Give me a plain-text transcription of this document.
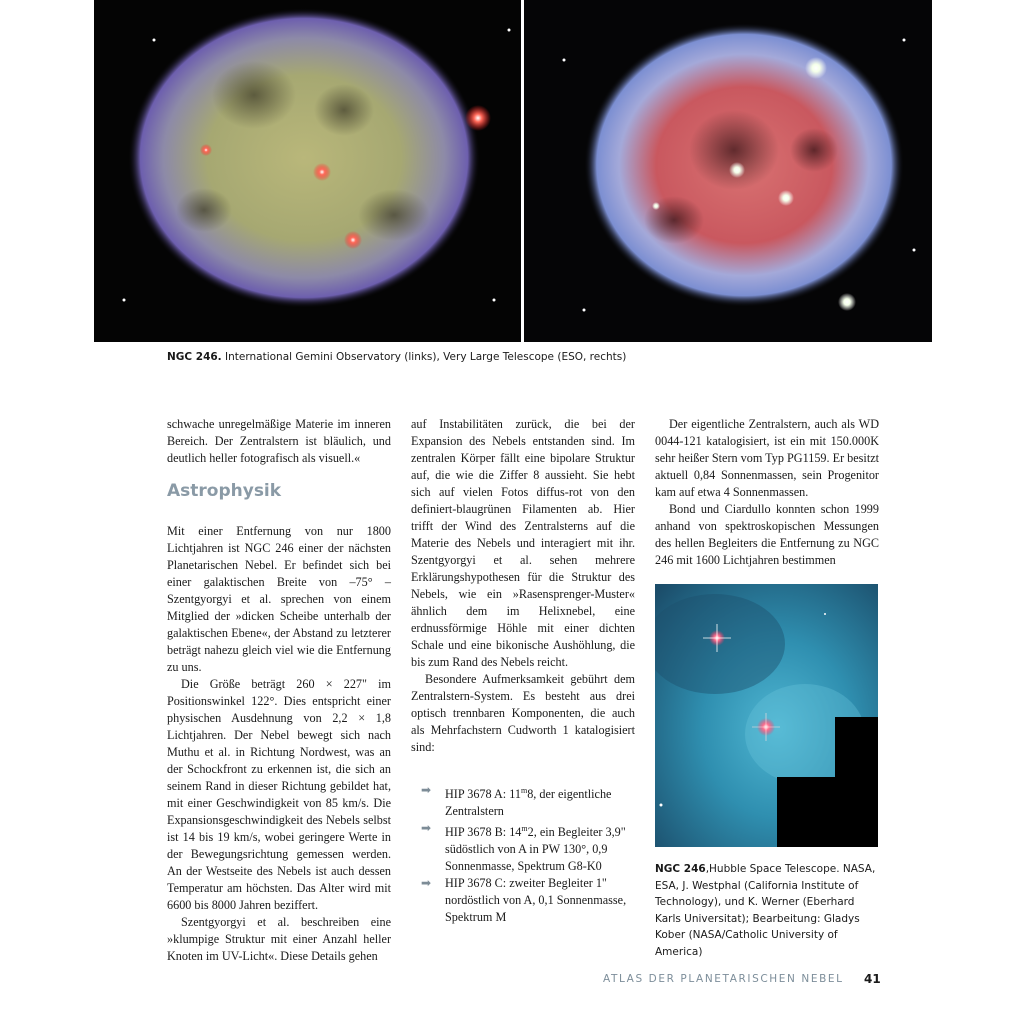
NGC 246. International Gemini Observatory (links), Very Large Telescope (ESO, rechts)

schwache unregelmäßige Materie im inneren Bereich. Der Zentralstern ist bläulich, und deutlich heller fotografisch als visuell.«

Astrophysik

Mit einer Entfernung von nur 1800 Lichtjahren ist NGC 246 einer der nächsten Planetarischen Nebel. Er befindet sich bei einer galaktischen Breite von –75° – Szentgyorgyi et al. sprechen von einem Mitglied der »dicken Scheibe unterhalb der galaktischen Ebene«, der Abstand zu letzterer beträgt nahezu gleich viel wie die Entfernung zu uns.

Die Größe beträgt 260 × 227" im Positionswinkel 122°. Dies entspricht einer physischen Ausdehnung von 2,2 × 1,8 Lichtjahren. Der Nebel bewegt sich nach Muthu et al. in Richtung Nordwest, was an der Schockfront zu erkennen ist, die sich an seinem Rand in dieser Richtung gebildet hat, mit einer Geschwindigkeit von 85 km/s. Die Expansionsgeschwindigkeit des Nebels selbst ist 14 bis 19 km/s, wobei geringere Werte in der Bewegungsrichtung gemessen werden. An der Westseite des Nebels ist auch dessen Temperatur am höchsten. Das Alter wird mit 6600 bis 8000 Jahren beziffert.

Szentgyorgyi et al. beschreiben eine »klumpige Struktur mit einer Anzahl heller Knoten im UV-Licht«. Diese Details gehen

auf Instabilitäten zurück, die bei der Expansion des Nebels entstanden sind. Im zentralen Körper fällt eine bipolare Struktur auf, die wie die Ziffer 8 aussieht. Sie hebt sich auf vielen Fotos diffus-rot von den definiert-blaugrünen Filamenten ab. Hier trifft der Wind des Zentralsterns auf die Materie des Nebels und interagiert mit ihr. Szentgyorgyi et al. sehen mehrere Erklärungshypothesen für die Struktur des Nebels, wie ein »Rasensprenger-Muster« ähnlich dem im Helixnebel, eine erdnussförmige Höhle mit einer dichten Schale und eine bikonische Aushöhlung, die bis zum Rand des Nebels reicht.

Besondere Aufmerksamkeit gebührt dem Zentralstern-System. Es besteht aus drei optisch trennbaren Komponenten, die auch als Mehrfachstern Cudworth 1 katalogisiert sind:

➡ HIP 3678 A: 11$^m$8, der eigentliche Zentralstern
➡ HIP 3678 B: 14$^m$2, ein Begleiter 3,9" südöstlich von A in PW 130°, 0,9 Sonnenmasse, Spektrum G8-K0
➡ HIP 3678 C: zweiter Begleiter 1" nordöstlich von A, 0,1 Sonnenmasse, Spektrum M

Der eigentliche Zentralstern, auch als WD 0044-121 katalogisiert, ist ein mit 150.000K sehr heißer Stern vom Typ PG1159. Er besitzt aktuell 0,84 Sonnenmassen, sein Progenitor kam auf etwa 4 Sonnenmassen.

Bond und Ciardullo konnten schon 1999 anhand von spektroskopischen Messungen des hellen Begleiters die Entfernung zu NGC 246 mit 1600 Lichtjahren bestimmen

NGC 246,Hubble Space Telescope. NASA, ESA, J. Westphal (California Institute of Technology), und K. Werner (Eberhard Karls Universitat); Bearbeitung: Gladys Kober (NASA/Catholic University of America)
ATLAS DER PLANETARISCHEN NEBEL 41
